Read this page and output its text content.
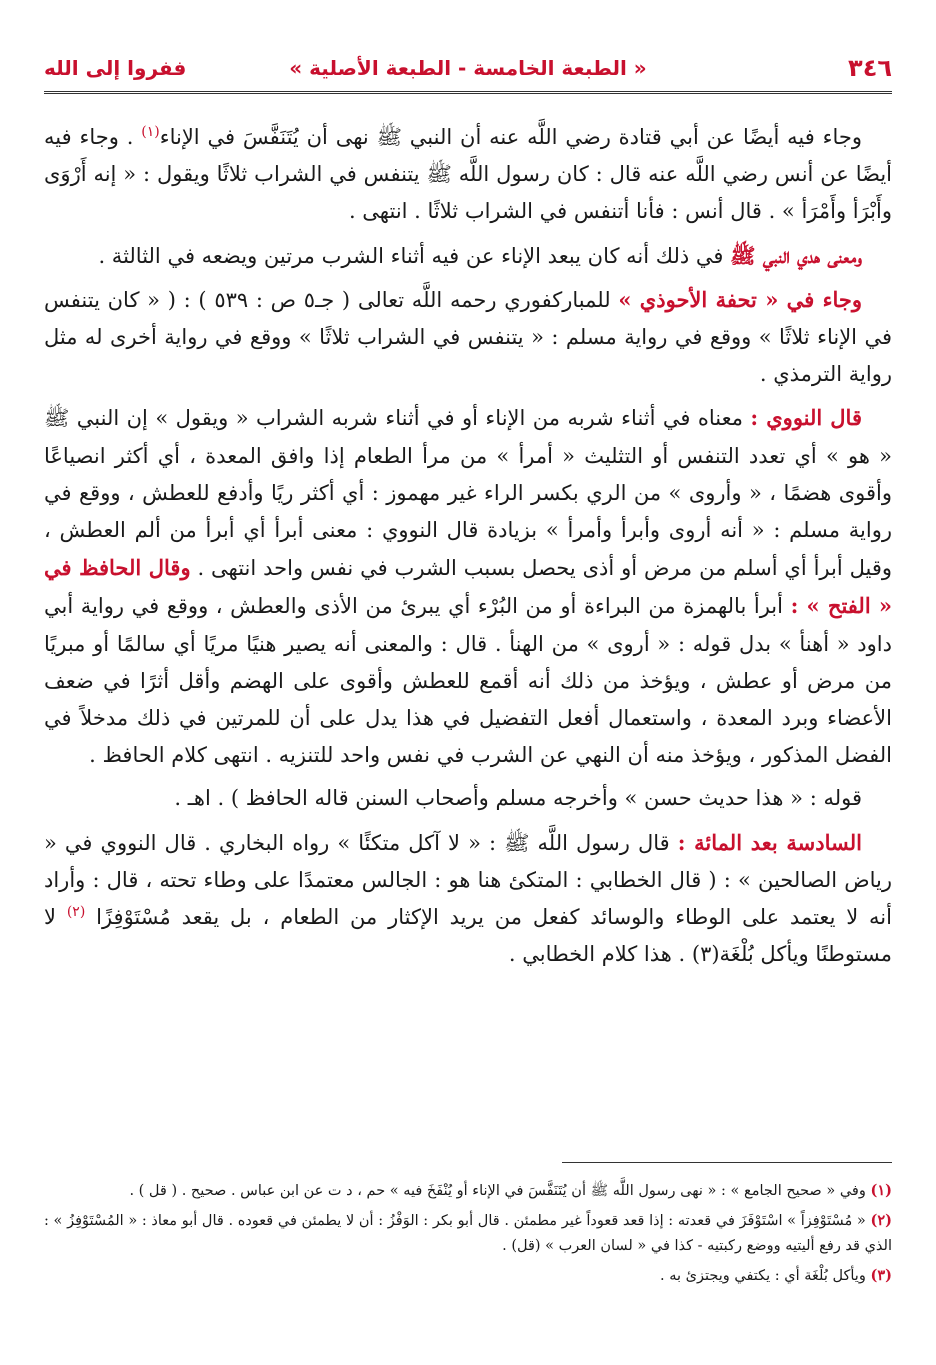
٣٤٦
« الطبعة الخامسة - الطبعة الأصلية »
ففروا إلى الله

وجاء فيه أيضًا عن أبي قتادة رضي اللَّه عنه أن النبي ﷺ نهى أن يُتَنَفَّسَ في الإناء$^{(١)}$ . وجاء فيه أيضًا عن أنس رضي اللَّه عنه قال : كان رسول اللَّه ﷺ يتنفس في الشراب ثلاثًا ويقول : « إنه أَرْوَى وأَبْرَأ وأَمْرَأ » . قال أنس : فأنا أتنفس في الشراب ثلاثًا . انتهى .

ومعنى هدي النبي ﷺ في ذلك أنه كان يبعد الإناء عن فيه أثناء الشرب مرتين ويضعه في الثالثة .

وجاء في « تحفة الأحوذي » للمباركفوري رحمه اللَّه تعالى ( جـ٥ ص : ٥٣٩ ) : ( « كان يتنفس في الإناء ثلاثًا » ووقع في رواية مسلم : « يتنفس في الشراب ثلاثًا » ووقع في رواية أخرى له مثل رواية الترمذي .

قال النووي : معناه في أثناء شربه من الإناء أو في أثناء شربه الشراب « ويقول » إن النبي ﷺ « هو » أي تعدد التنفس أو التثليث « أمرأ » من مرأ الطعام إذا وافق المعدة ، أي أكثر انصياعًا وأقوى هضمًا ، « وأروى » من الري بكسر الراء غير مهموز : أي أكثر ريًا وأدفع للعطش ، ووقع في رواية مسلم : « أنه أروى وأبرأ وأمرأ » بزيادة قال النووي : معنى أبرأ أي أبرأ من ألم العطش ، وقيل أبرأ أي أسلم من مرض أو أذى يحصل بسبب الشرب في نفس واحد انتهى . وقال الحافظ في « الفتح » : أبرأ بالهمزة من البراءة أو من البُرْء أي يبرئ من الأذى والعطش ، ووقع في رواية أبي داود « أهنأ » بدل قوله : « أروى » من الهنأ . قال : والمعنى أنه يصير هنيًا مريًا أي سالمًا أو مبريًا من مرض أو عطش ، ويؤخذ من ذلك أنه أقمع للعطش وأقوى على الهضم وأقل أثرًا في ضعف الأعضاء وبرد المعدة ، واستعمال أفعل التفضيل في هذا يدل على أن للمرتين في ذلك مدخلاً في الفضل المذكور ، ويؤخذ منه أن النهي عن الشرب في نفس واحد للتنزيه . انتهى كلام الحافظ .

قوله : « هذا حديث حسن » وأخرجه مسلم وأصحاب السنن قاله الحافظ ) . اهـ .

السادسة بعد المائة : قال رسول اللَّه ﷺ : « لا آكل متكئًا » رواه البخاري . قال النووي في « رياض الصالحين » : ( قال الخطابي : المتكئ هنا هو : الجالس معتمدًا على وطاء تحته ، قال : وأراد أنه لا يعتمد على الوطاء والوسائد كفعل من يريد الإكثار من الطعام ، بل يقعد مُسْتَوْفِزًا $^{(٢)}$ لا مستوطنًا ويأكل بُلْغَة(٣) . هذا كلام الخطابي .

(١) وفي « صحيح الجامع » : « نهى رسول اللَّه ﷺ أن يُتَنَفَّسَ في الإناء أو يُنْفَخَ فيه » حم ، د ت عن ابن عباس . صحيح . ( قل ) .

(٢) « مُسْتَوْفِزاً » اسْتَوْفَزَ في قعدته : إذا قعد قعوداً غير مطمئن . قال أبو بكر : الوَفْزُ : أن لا يطمئن في قعوده . قال أبو معاذ : « المُسْتَوْفِزُ » : الذي قد رفع أليتيه ووضع ركبتيه - كذا في « لسان العرب » (قل) .

(٣) ويأكل بُلْغَة أي : يكتفي ويجتزئ به .
